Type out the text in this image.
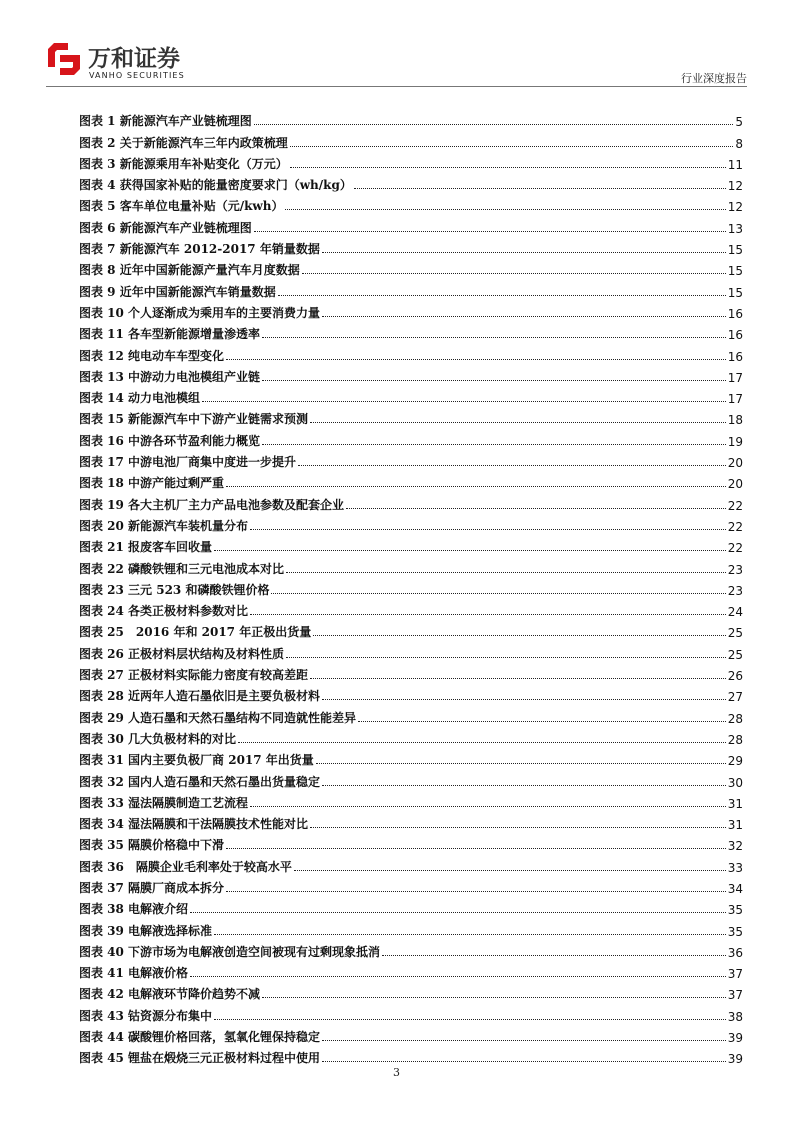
万和证券
VANHO SECURITIES	行业深度报告
图表 1 新能源汽车产业链梳理图	5
图表 2 关于新能源汽车三年内政策梳理	8
图表 3 新能源乘用车补贴变化（万元）	11
图表 4 获得国家补贴的能量密度要求门（wh/kg）	12
图表 5 客车单位电量补贴（元/kwh）	12
图表 6 新能源汽车产业链梳理图	13
图表 7 新能源汽车 2012-2017 年销量数据	15
图表 8 近年中国新能源产量汽车月度数据	15
图表 9 近年中国新能源汽车销量数据	15
图表 10 个人逐渐成为乘用车的主要消费力量	16
图表 11 各车型新能源增量渗透率	16
图表 12 纯电动车车型变化	16
图表 13 中游动力电池模组产业链	17
图表 14 动力电池模组	17
图表 15 新能源汽车中下游产业链需求预测	18
图表 16 中游各环节盈利能力概览	19
图表 17 中游电池厂商集中度进一步提升	20
图表 18 中游产能过剩严重	20
图表 19 各大主机厂主力产品电池参数及配套企业	22
图表 20 新能源汽车装机量分布	22
图表 21 报废客车回收量	22
图表 22 磷酸铁锂和三元电池成本对比	23
图表 23 三元 523 和磷酸铁锂价格	23
图表 24 各类正极材料参数对比	24
图表 25　2016 年和 2017 年正极出货量	25
图表 26 正极材料层状结构及材料性质	25
图表 27 正极材料实际能力密度有较高差距	26
图表 28 近两年人造石墨依旧是主要负极材料	27
图表 29 人造石墨和天然石墨结构不同造就性能差异	28
图表 30 几大负极材料的对比	28
图表 31 国内主要负极厂商 2017 年出货量	29
图表 32 国内人造石墨和天然石墨出货量稳定	30
图表 33 湿法隔膜制造工艺流程	31
图表 34 湿法隔膜和干法隔膜技术性能对比	31
图表 35 隔膜价格稳中下滑	32
图表 36　隔膜企业毛利率处于较高水平	33
图表 37 隔膜厂商成本拆分	34
图表 38 电解液介绍	35
图表 39 电解液选择标准	35
图表 40 下游市场为电解液创造空间被现有过剩现象抵消	36
图表 41 电解液价格	37
图表 42 电解液环节降价趋势不减	37
图表 43 钴资源分布集中	38
图表 44 碳酸锂价格回落，氢氧化锂保持稳定	39
图表 45 锂盐在煅烧三元正极材料过程中使用	39
3
